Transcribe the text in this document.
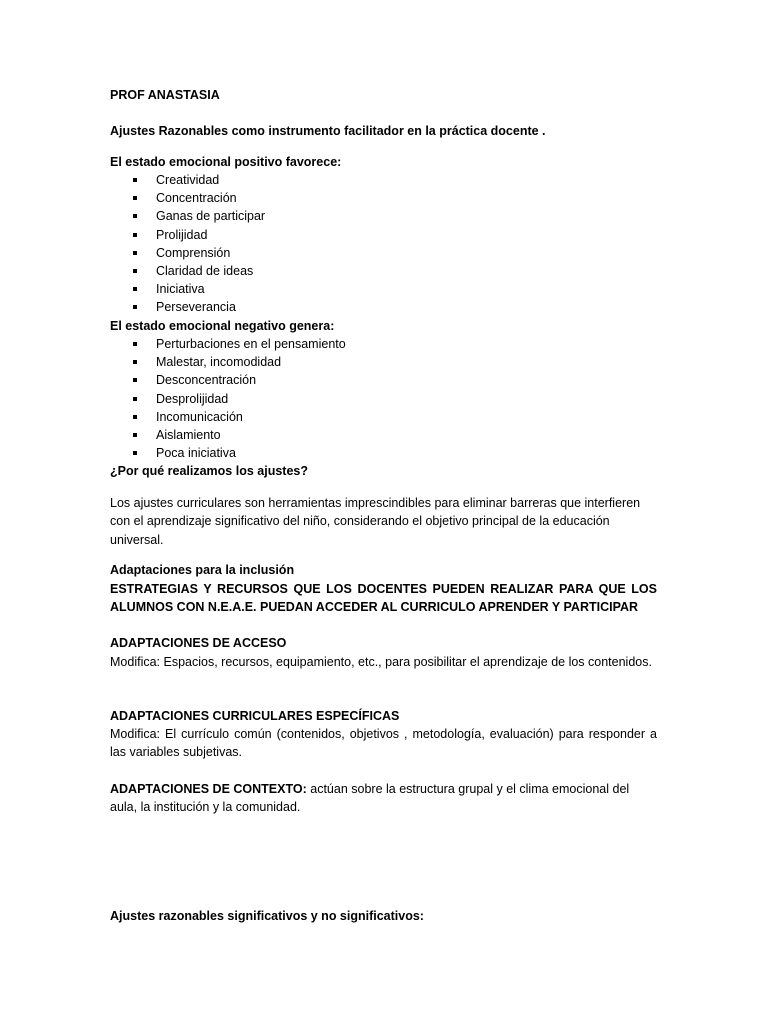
PROF ANASTASIA
Ajustes Razonables como instrumento facilitador en la práctica docente .
El estado emocional positivo favorece:
Creatividad
Concentración
Ganas de participar
Prolijidad
Comprensión
Claridad de ideas
Iniciativa
Perseverancia
El estado emocional negativo genera:
Perturbaciones en el pensamiento
Malestar, incomodidad
Desconcentración
Desprolijidad
Incomunicación
Aislamiento
Poca iniciativa
¿Por qué realizamos los ajustes?
Los ajustes curriculares son herramientas imprescindibles para eliminar barreras que interfieren con el aprendizaje significativo del niño, considerando el objetivo principal de la educación universal.
Adaptaciones para la inclusión
ESTRATEGIAS Y RECURSOS QUE LOS DOCENTES PUEDEN REALIZAR PARA QUE LOS ALUMNOS CON N.E.A.E. PUEDAN ACCEDER AL CURRICULO APRENDER Y PARTICIPAR
ADAPTACIONES DE ACCESO
Modifica: Espacios, recursos, equipamiento, etc., para posibilitar el aprendizaje de los contenidos.
ADAPTACIONES CURRICULARES ESPECÍFICAS
Modifica: El currículo común (contenidos, objetivos , metodología, evaluación) para responder a las variables subjetivas.
ADAPTACIONES DE CONTEXTO: actúan sobre la estructura grupal y el clima emocional del aula, la institución y la comunidad.
Ajustes razonables significativos y no significativos:
